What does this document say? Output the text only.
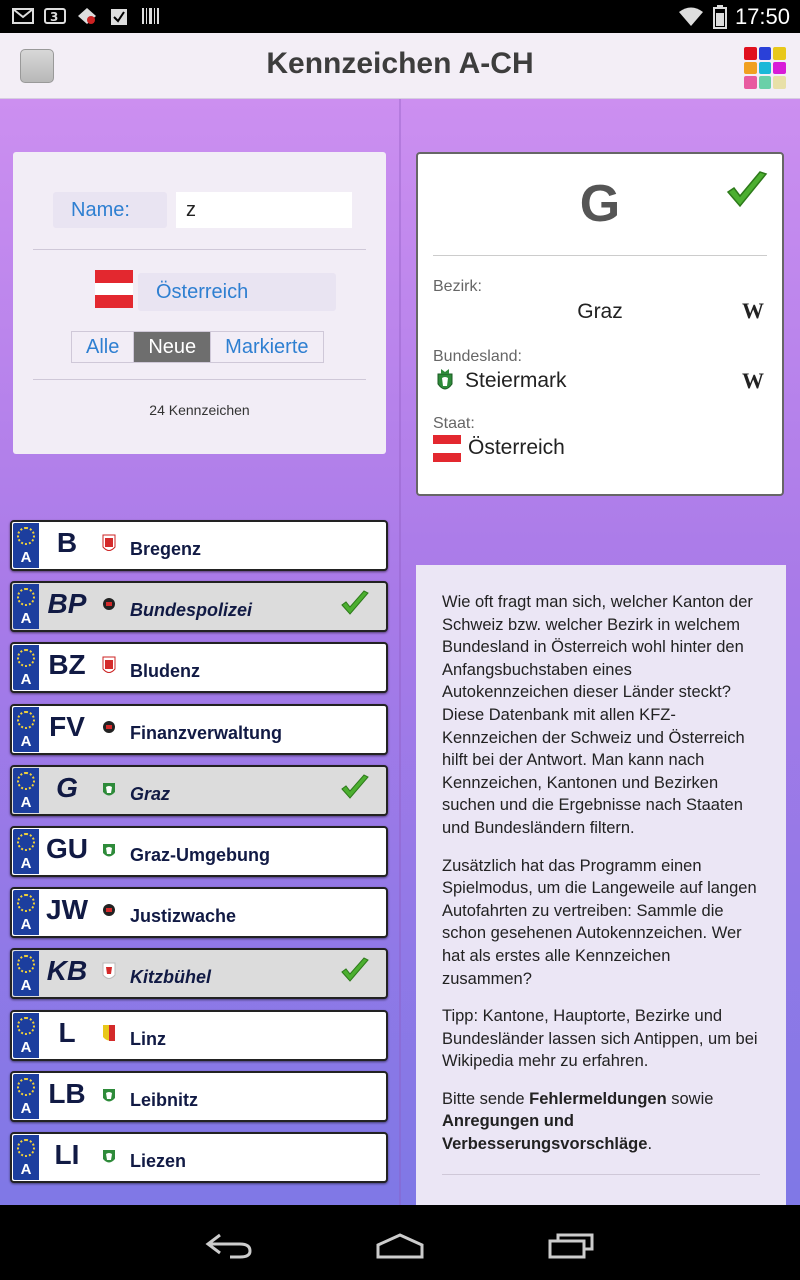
3	17:50
Kennzeichen A-CH
Name:
z
Österreich
Alle	Neue	Markierte
24 Kennzeichen
A B	Bregenz
A BP	Bundespolizei
A BZ	Bludenz
A FV	Finanzverwaltung
A G	Graz
A GU Graz-Umgebung
A JW Justizwache
A KB Kitzbühel
A L	Linz
A LB	Leibnitz
A LI	Liezen
G
Bezirk:
Graz	W
Bundesland:
Steiermark	W
Staat:
Österreich

Wie oft fragt man sich, welcher Kanton der Schweiz bzw. welcher Bezirk in welchem Bundesland in Österreich wohl hinter den Anfangsbuchstaben eines Autokennzeichen dieser Länder steckt? Diese Datenbank mit allen KFZ-Kennzeichen der Schweiz und Österreich hilft bei der Antwort. Man kann nach Kennzeichen, Kantonen und Bezirken suchen und die Ergebnisse nach Staaten und Bundesländern filtern.

Zusätzlich hat das Programm einen Spielmodus, um die Langeweile auf langen Autofahrten zu vertreiben: Sammle die schon gesehenen Autokennzeichen. Wer hat als erstes alle Kennzeichen zusammen?

Tipp: Kantone, Hauptorte, Bezirke und Bundesländer lassen sich Antippen, um bei Wikipedia mehr zu erfahren.

Bitte sende Fehlermeldungen sowie Anregungen und Verbesserungsvorschläge.
